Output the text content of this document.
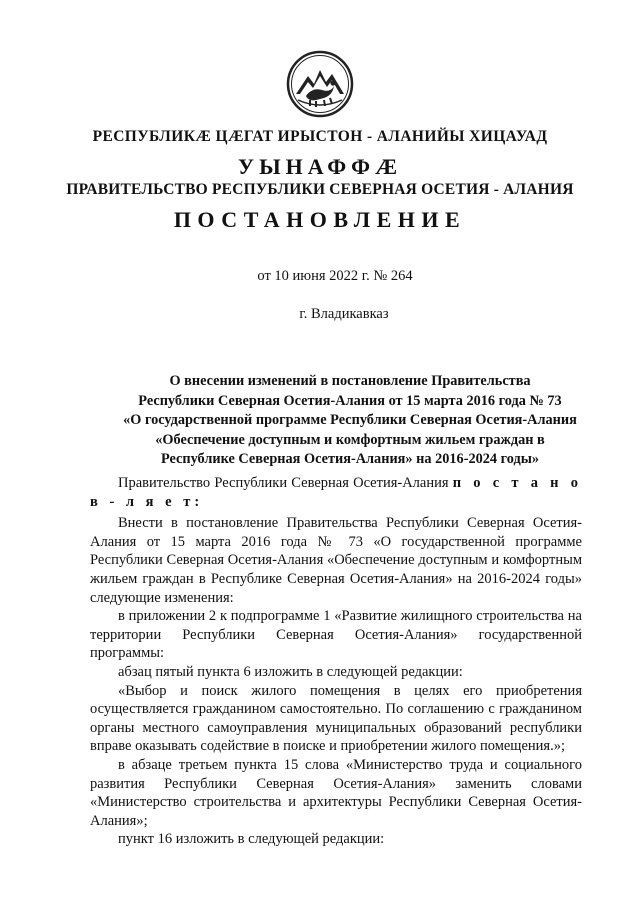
РЕСПУБЛИКӔ ЦӔГАТ ИРЫСТОН - АЛАНИЙЫ ХИЦАУАД
УЫНАФФӔ
ПРАВИТЕЛЬСТВО РЕСПУБЛИКИ СЕВЕРНАЯ ОСЕТИЯ - АЛАНИЯ
ПОСТАНОВЛЕНИЕ
от 10 июня 2022 г. № 264
г. Владикавказ
О внесении изменений в постановление Правительства
Республики Северная Осетия-Алания от 15 марта 2016 года № 73
«О государственной программе Республики Северная Осетия-Алания
«Обеспечение доступным и комфортным жильем граждан в
Республике Северная Осетия-Алания» на 2016-2024 годы»

Правительство Республики Северная Осетия-Алания п о с т а н о в - л я е т:

Внести в постановление Правительства Республики Северная Осетия-Алания от 15 марта 2016 года № 73 «О государственной программе Республики Северная Осетия-Алания «Обеспечение доступным и комфортным жильем граждан в Республике Северная Осетия-Алания» на 2016-2024 годы» следующие изменения:

в приложении 2 к подпрограмме 1 «Развитие жилищного строительства на территории Республики Северная Осетия-Алания» государственной программы:

абзац пятый пункта 6 изложить в следующей редакции:

«Выбор и поиск жилого помещения в целях его приобретения осуществляется гражданином самостоятельно. По соглашению с гражданином органы местного самоуправления муниципальных образований республики вправе оказывать содействие в поиске и приобретении жилого помещения.»;

в абзаце третьем пункта 15 слова «Министерство труда и социального развития Республики Северная Осетия-Алания» заменить словами «Министерство строительства и архитектуры Республики Северная Осетия-Алания»;

пункт 16 изложить в следующей редакции:
